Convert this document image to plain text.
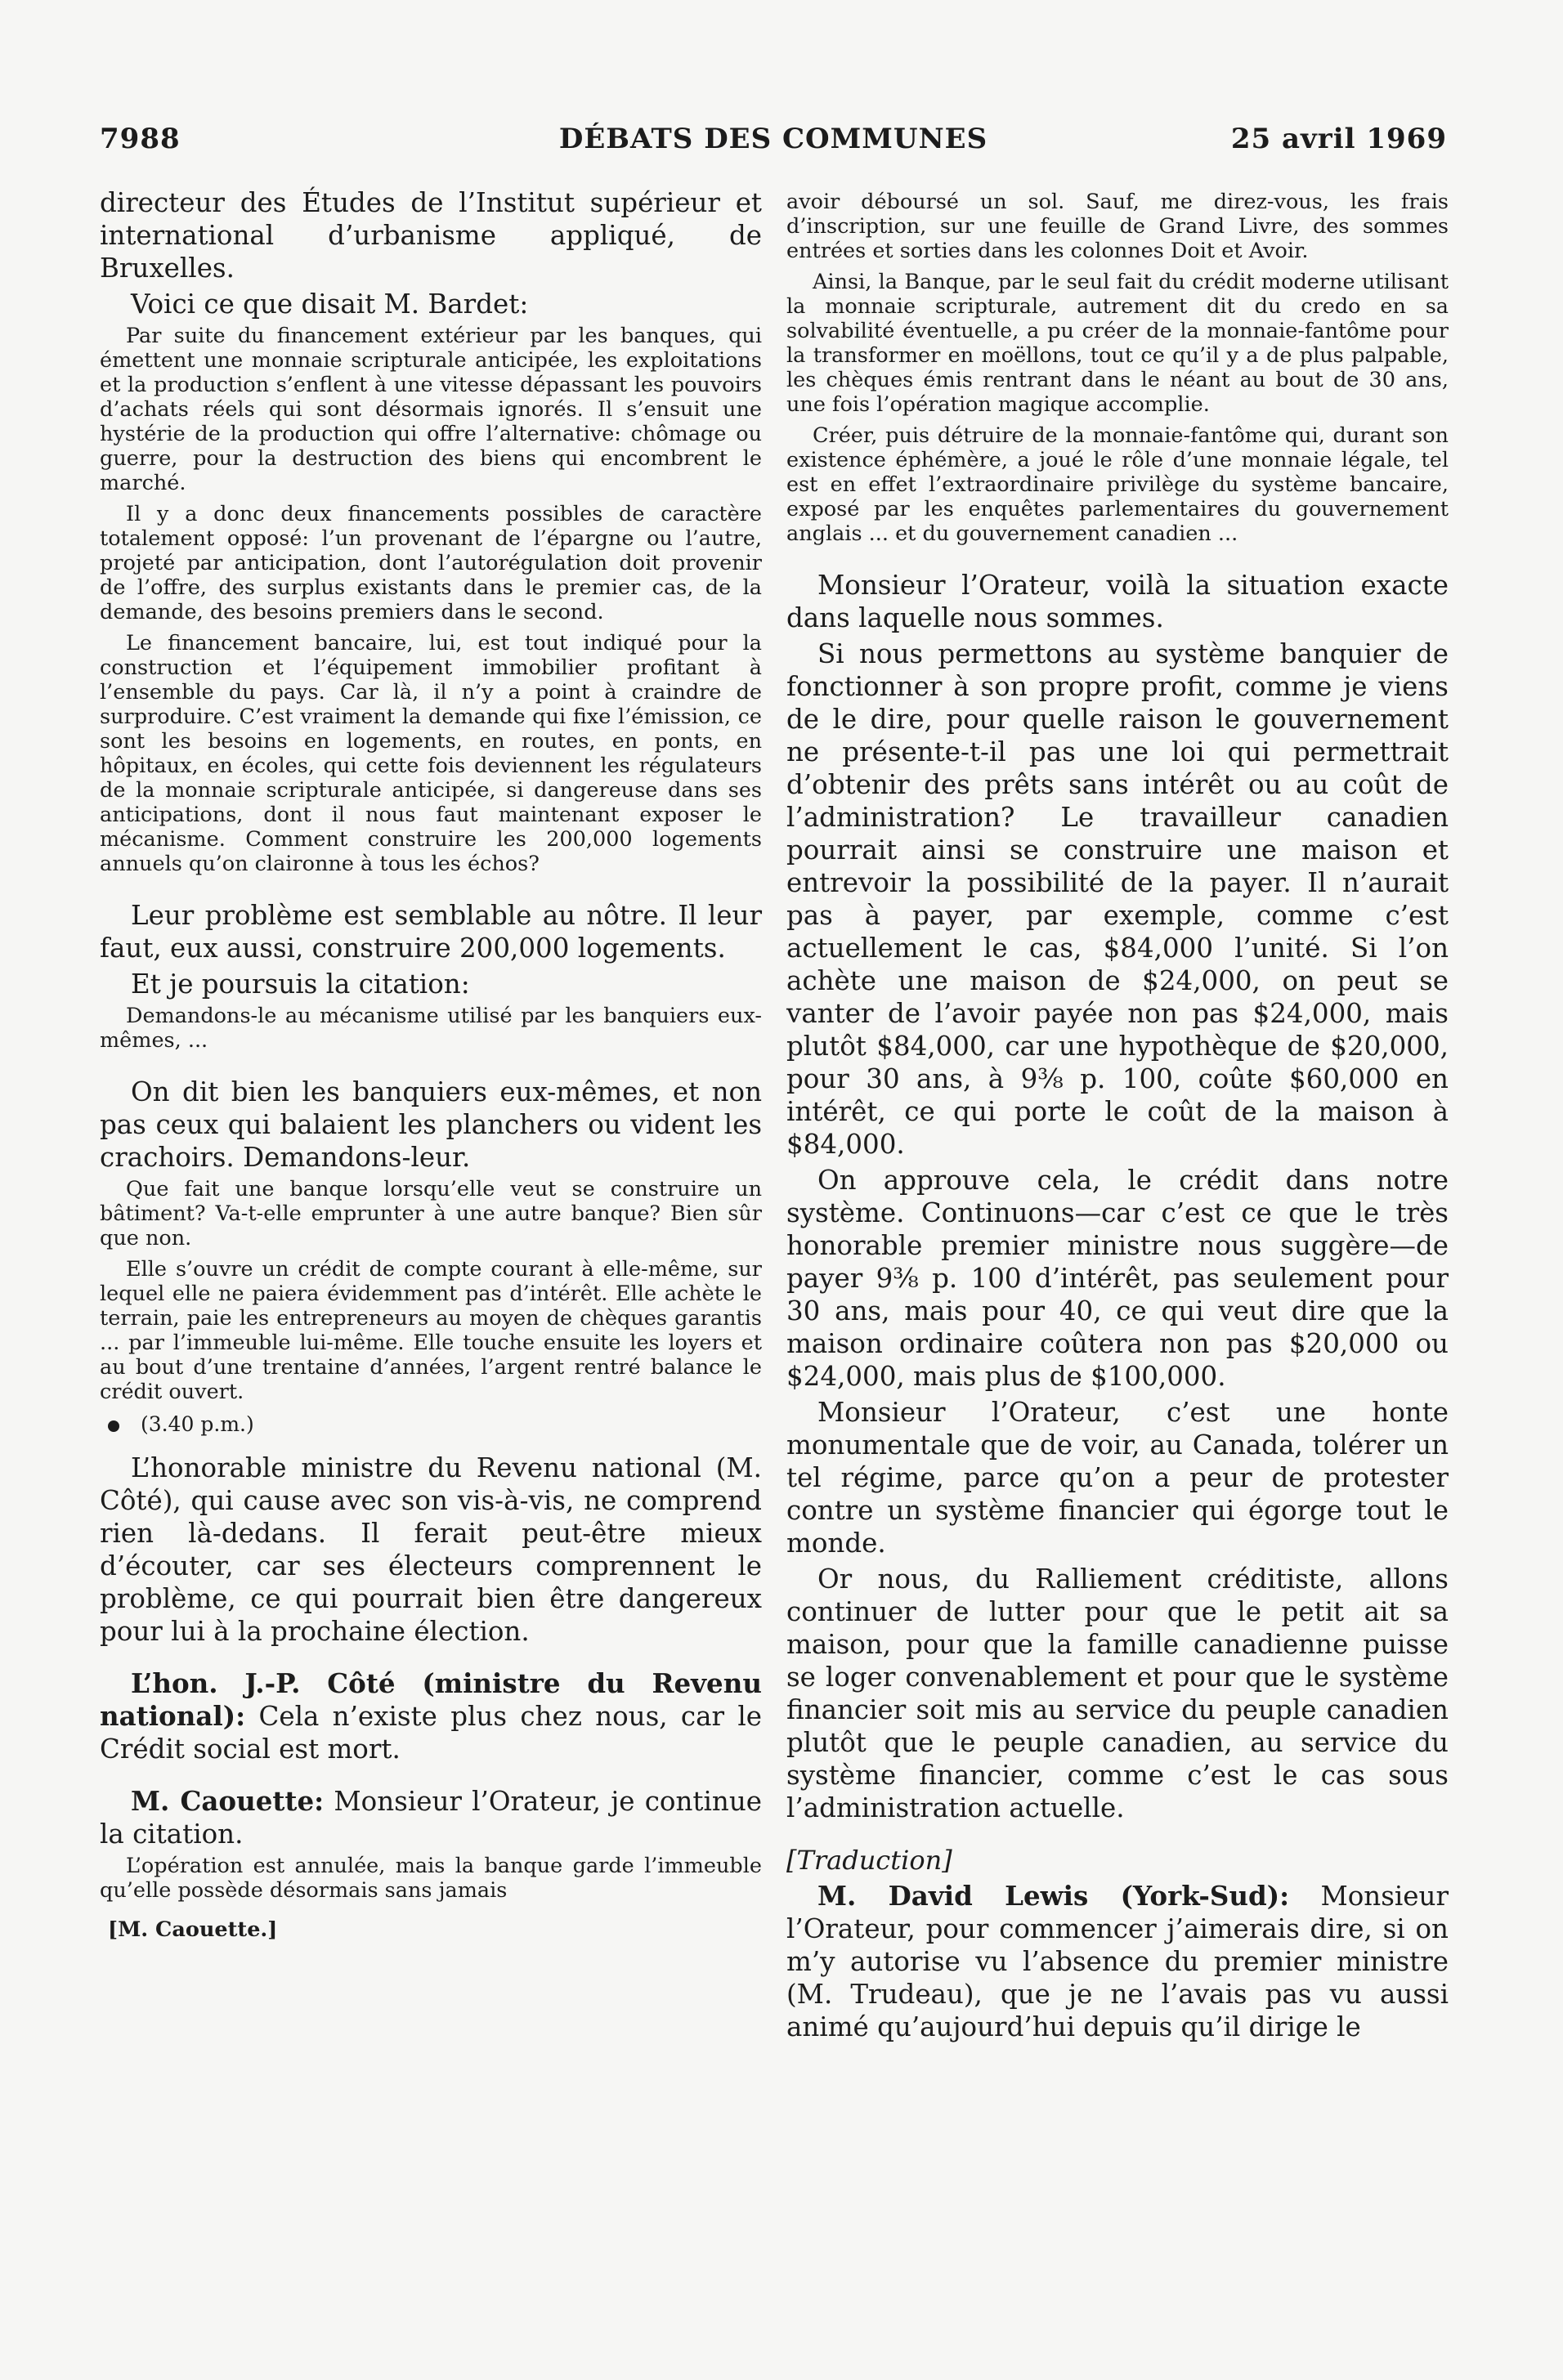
7988	DÉBATS DES COMMUNES	25 avril 1969

directeur des Études de l’Institut supérieur et international d’urbanisme appliqué, de Bruxelles.

Voici ce que disait M. Bardet:

Par suite du financement extérieur par les banques, qui émettent une monnaie scripturale anticipée, les exploitations et la production s’enflent à une vitesse dépassant les pouvoirs d’achats réels qui sont désormais ignorés. Il s’ensuit une hystérie de la production qui offre l’alternative: chômage ou guerre, pour la destruction des biens qui encombrent le marché.

Il y a donc deux financements possibles de caractère totalement opposé: l’un provenant de l’épargne ou l’autre, projeté par anticipation, dont l’autorégulation doit provenir de l’offre, des surplus existants dans le premier cas, de la demande, des besoins premiers dans le second.

Le financement bancaire, lui, est tout indiqué pour la construction et l’équipement immobilier profitant à l’ensemble du pays. Car là, il n’y a point à craindre de surproduire. C’est vraiment la demande qui fixe l’émission, ce sont les besoins en logements, en routes, en ponts, en hôpitaux, en écoles, qui cette fois deviennent les régulateurs de la monnaie scripturale anticipée, si dangereuse dans ses anticipations, dont il nous faut maintenant exposer le mécanisme. Comment construire les 200,000 logements annuels qu’on claironne à tous les échos?

Leur problème est semblable au nôtre. Il leur faut, eux aussi, construire 200,000 logements.

Et je poursuis la citation:

Demandons-le au mécanisme utilisé par les banquiers eux-mêmes, ...

On dit bien les banquiers eux-mêmes, et non pas ceux qui balaient les planchers ou vident les crachoirs. Demandons-leur.

Que fait une banque lorsqu’elle veut se construire un bâtiment? Va-t-elle emprunter à une autre banque? Bien sûr que non.

Elle s’ouvre un crédit de compte courant à elle-même, sur lequel elle ne paiera évidemment pas d’intérêt. Elle achète le terrain, paie les entrepreneurs au moyen de chèques garantis ... par l’immeuble lui-même. Elle touche ensuite les loyers et au bout d’une trentaine d’années, l’argent rentré balance le crédit ouvert.

(3.40 p.m.)

L’honorable ministre du Revenu national (M. Côté), qui cause avec son vis-à-vis, ne comprend rien là-dedans. Il ferait peut-être mieux d’écouter, car ses électeurs comprennent le problème, ce qui pourrait bien être dangereux pour lui à la prochaine élection.

L’hon. J.-P. Côté (ministre du Revenu national): Cela n’existe plus chez nous, car le Crédit social est mort.

M. Caouette: Monsieur l’Orateur, je continue la citation.

L’opération est annulée, mais la banque garde l’immeuble qu’elle possède désormais sans jamais

[M. Caouette.]

avoir déboursé un sol. Sauf, me direz-vous, les frais d’inscription, sur une feuille de Grand Livre, des sommes entrées et sorties dans les colonnes Doit et Avoir.

Ainsi, la Banque, par le seul fait du crédit moderne utilisant la monnaie scripturale, autrement dit du credo en sa solvabilité éventuelle, a pu créer de la monnaie-fantôme pour la transformer en moëllons, tout ce qu’il y a de plus palpable, les chèques émis rentrant dans le néant au bout de 30 ans, une fois l’opération magique accomplie.

Créer, puis détruire de la monnaie-fantôme qui, durant son existence éphémère, a joué le rôle d’une monnaie légale, tel est en effet l’extraordinaire privilège du système bancaire, exposé par les enquêtes parlementaires du gouvernement anglais ... et du gouvernement canadien ...

Monsieur l’Orateur, voilà la situation exacte dans laquelle nous sommes.

Si nous permettons au système banquier de fonctionner à son propre profit, comme je viens de le dire, pour quelle raison le gouvernement ne présente-t-il pas une loi qui permettrait d’obtenir des prêts sans intérêt ou au coût de l’administration? Le travailleur canadien pourrait ainsi se construire une maison et entrevoir la possibilité de la payer. Il n’aurait pas à payer, par exemple, comme c’est actuellement le cas, $84,000 l’unité. Si l’on achète une maison de $24,000, on peut se vanter de l’avoir payée non pas $24,000, mais plutôt $84,000, car une hypothèque de $20,000, pour 30 ans, à 9⅜ p. 100, coûte $60,000 en intérêt, ce qui porte le coût de la maison à $84,000.

On approuve cela, le crédit dans notre système. Continuons—car c’est ce que le très honorable premier ministre nous suggère—de payer 9⅜ p. 100 d’intérêt, pas seulement pour 30 ans, mais pour 40, ce qui veut dire que la maison ordinaire coûtera non pas $20,000 ou $24,000, mais plus de $100,000.

Monsieur l’Orateur, c’est une honte monumentale que de voir, au Canada, tolérer un tel régime, parce qu’on a peur de protester contre un système financier qui égorge tout le monde.

Or nous, du Ralliement créditiste, allons continuer de lutter pour que le petit ait sa maison, pour que la famille canadienne puisse se loger convenablement et pour que le système financier soit mis au service du peuple canadien plutôt que le peuple canadien, au service du système financier, comme c’est le cas sous l’administration actuelle.

[Traduction]

M. David Lewis (York-Sud): Monsieur l’Orateur, pour commencer j’aimerais dire, si on m’y autorise vu l’absence du premier ministre (M. Trudeau), que je ne l’avais pas vu aussi animé qu’aujourd’hui depuis qu’il dirige le
